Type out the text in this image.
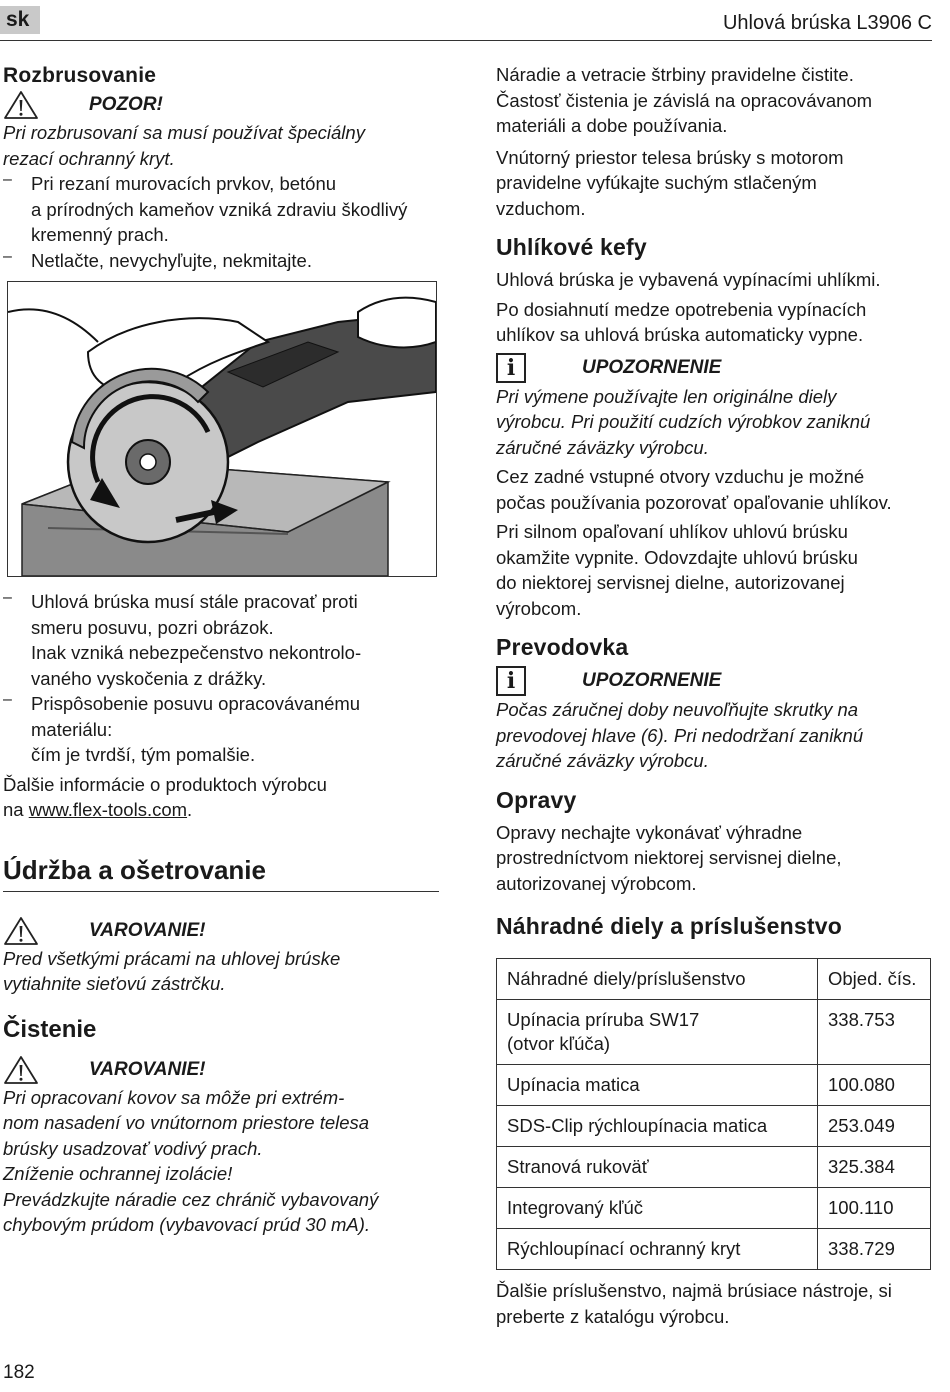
sk	Uhlová brúska L3906 C
Rozbrusovanie
POZOR!

Pri rozbrusovaní sa musí používat špeciálny

rezací ochranný kryt.

– Pri rezaní murovacích prvkov, betónu

a prírodných kameňov vzniká zdraviu škodlivý

kremenný prach.

– Netlačte, nevychyľujte, nekmitajte.

– Uhlová brúska musí stále pracovať proti

smeru posuvu, pozri obrázok.

Inak vzniká nebezpečenstvo nekontrolo-

vaného vyskočenia z drážky.

– Prispôsobenie posuvu opracovávanému

materiálu:

čím je tvrdší, tým pomalšie.

Ďalšie informácie o produktoch výrobcu

na www.flex-tools.com.

Údržba a ošetrovanie
VAROVANIE!

Pred všetkými prácami na uhlovej brúske

vytiahnite sieťovú zástrčku.

Čistenie
VAROVANIE!

Pri opracovaní kovov sa môže pri extrém-

nom nasadení vo vnútornom priestore telesa

brúsky usadzovať vodivý prach.

Zníženie ochrannej izolácie!

Prevádzkujte náradie cez chránič vybavovaný

chybovým prúdom (vybavovací prúd 30 mA).

Náradie a vetracie štrbiny pravidelne čistite.

Častosť čistenia je závislá na opracovávanom

materiáli a dobe používania.

Vnútorný priestor telesa brúsky s motorom

pravidelne vyfúkajte suchým stlačeným

vzduchom.

Uhlíkové kefy

Uhlová brúska je vybavená vypínacími uhlíkmi.

Po dosiahnutí medze opotrebenia vypínacích

uhlíkov sa uhlová brúska automaticky vypne.

i	UPOZORNENIE

Pri výmene používajte len originálne diely

výrobcu. Pri použití cudzích výrobkov zaniknú

záručné záväzky výrobcu.

Cez zadné vstupné otvory vzduchu je možné

počas používania pozorovať opaľovanie uhlíkov.

Pri silnom opaľovaní uhlíkov uhlovú brúsku

okamžite vypnite. Odovzdajte uhlovú brúsku

do niektorej servisnej dielne, autorizovanej

výrobcom.

Prevodovka
i	UPOZORNENIE

Počas záručnej doby neuvoľňujte skrutky na

prevodovej hlave (6). Pri nedodržaní zaniknú

záručné záväzky výrobcu.

Opravy

Opravy nechajte vykonávať výhradne

prostredníctvom niektorej servisnej dielne,

autorizovanej výrobcom.

Náhradné diely a príslušenstvo
Náhradné diely/príslušenstvo	Objed. čís.

Upínacia príruba SW17
(otvor kľúča)	338.753
Upínacia matica	100.080
SDS-Clip rýchloupínacia matica	253.049
Stranová rukoväť	325.384
Integrovaný kľúč	100.110
Rýchloupínací ochranný kryt	338.729

Ďalšie príslušenstvo, najmä brúsiace nástroje, si

preberte z katalógu výrobcu.

182
